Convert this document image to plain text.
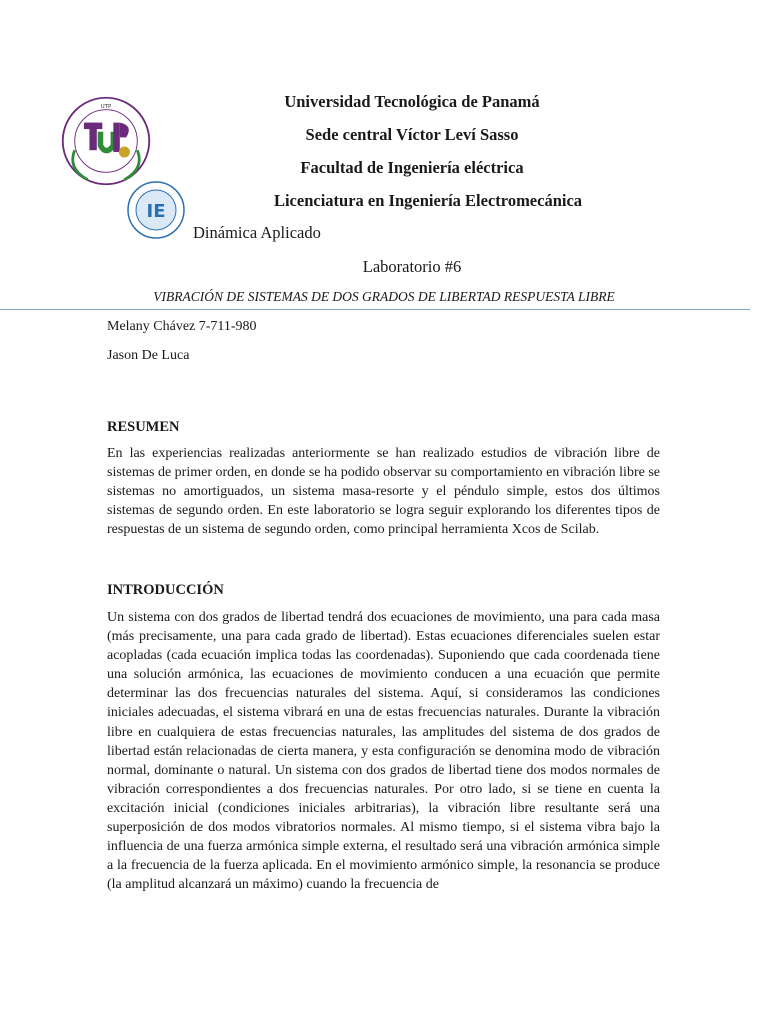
UTP
IE
Universidad Tecnológica de Panamá
Sede central Víctor Leví Sasso
Facultad de Ingeniería eléctrica
Licenciatura en Ingeniería Electromecánica
Dinámica Aplicado
Laboratorio #6
VIBRACIÓN DE SISTEMAS DE DOS GRADOS DE LIBERTAD RESPUESTA LIBRE
Melany Chávez 7-711-980
Jason De Luca
RESUMEN
En las experiencias realizadas anteriormente se han realizado estudios de vibración libre de sistemas de primer orden, en donde se ha podido observar su comportamiento en vibración libre se sistemas no amortiguados, un sistema masa-resorte y el péndulo simple, estos dos últimos sistemas de segundo orden. En este laboratorio se logra seguir explorando los diferentes tipos de respuestas de un sistema de segundo orden, como principal herramienta Xcos de Scilab.
INTRODUCCIÓN
Un sistema con dos grados de libertad tendrá dos ecuaciones de movimiento, una para cada masa (más precisamente, una para cada grado de libertad). Estas ecuaciones diferenciales suelen estar acopladas (cada ecuación implica todas las coordenadas). Suponiendo que cada coordenada tiene una solución armónica, las ecuaciones de movimiento conducen a una ecuación que permite determinar las dos frecuencias naturales del sistema. Aquí, si consideramos las condiciones iniciales adecuadas, el sistema vibrará en una de estas frecuencias naturales. Durante la vibración libre en cualquiera de estas frecuencias naturales, las amplitudes del sistema de dos grados de libertad están relacionadas de cierta manera, y esta configuración se denomina modo de vibración normal, dominante o natural. Un sistema con dos grados de libertad tiene dos modos normales de vibración correspondientes a dos frecuencias naturales. Por otro lado, si se tiene en cuenta la excitación inicial (condiciones iniciales arbitrarias), la vibración libre resultante será una superposición de dos modos vibratorios normales. Al mismo tiempo, si el sistema vibra bajo la influencia de una fuerza armónica simple externa, el resultado será una vibración armónica simple a la frecuencia de la fuerza aplicada. En el movimiento armónico simple, la resonancia se produce (la amplitud alcanzará un máximo) cuando la frecuencia de
